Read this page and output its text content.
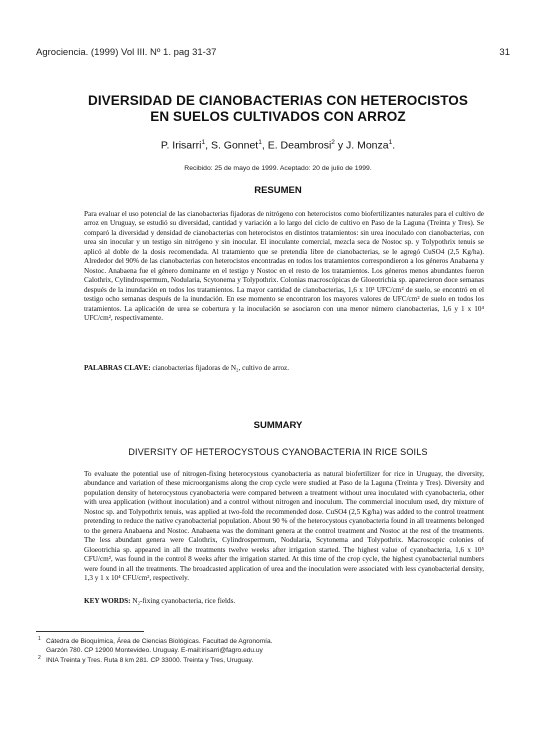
Agrociencia. (1999) Vol III. Nº 1. pag 31-37	31
DIVERSIDAD DE CIANOBACTERIAS CON HETEROCISTOS
EN SUELOS CULTIVADOS CON ARROZ
P. Irisarri$^1$, S. Gonnet$^1$, E. Deambrosi$^2$ y J. Monza$^1$.
Recibido: 25 de mayo de 1999. Aceptado: 20 de julio de 1999.
RESUMEN
Para evaluar el uso potencial de las cianobacterias fijadoras de nitrógeno con heterocistos como biofertilizantes naturales para el cultivo de arroz en Uruguay, se estudió su diversidad, cantidad y variación a lo largo del ciclo de cultivo en Paso de la Laguna (Treinta y Tres). Se comparó la diversidad y densidad de cianobacterias con heterocistos en distintos tratamientos: sin urea inoculado con cianobacterias, con urea sin inocular y un testigo sin nitrógeno y sin inocular. El inoculante comercial, mezcla seca de Nostoc sp. y Tolypothrix tenuis se aplicó al doble de la dosis recomendada. Al tratamiento que se pretendía libre de cianobacterias, se le agregó CuSO4 (2,5 Kg/ha). Alrededor del 90% de las cianobacterias con heterocistos encontradas en todos los tratamientos correspondieron a los géneros Anabaena y Nostoc. Anabaena fue el género dominante en el testigo y Nostoc en el resto de los tratamientos. Los géneros menos abundantes fueron Calothrix, Cylindrospermum, Nodularia, Scytonema y Tolypothrix. Colonias macroscópicas de Gloeotrichia sp. aparecieron doce semanas después de la inundación en todos los tratamientos. La mayor cantidad de cianobacterias, 1,6 x 10³ UFC/cm² de suelo, se encontró en el testigo ocho semanas después de la inundación. En ese momento se encontraron los mayores valores de UFC/cm² de suelo en todos los tratamientos. La aplicación de urea se cobertura y la inoculación se asociaron con una menor número cianobacterias, 1,6 y 1 x 10⁴ UFC/cm², respectivamente.
PALABRAS CLAVE: cianobacterias fijadoras de N₂, cultivo de arroz.
SUMMARY
DIVERSITY OF HETEROCYSTOUS CYANOBACTERIA IN RICE SOILS
To evaluate the potential use of nitrogen-fixing heterocystous cyanobacteria as natural biofertilizer for rice in Uruguay, the diversity, abundance and variation of these microorganisms along the crop cycle were studied at Paso de la Laguna (Treinta y Tres). Diversity and population density of heterocystous cyanobacteria were compared between a treatment without urea inoculated with cyanobacteria, other with urea application (without inoculation) and a control without nitrogen and inoculum. The commercial inoculum used, dry mixture of Nostoc sp. and Tolypothrix tenuis, was applied at two-fold the recommended dose. CuSO4 (2,5 Kg/ha) was added to the control treatment pretending to reduce the native cyanobacterial population. About 90 % of the heterocystous cyanobacteria found in all treatments belonged to the genera Anabaena and Nostoc. Anabaena was the dominant genera at the control treatment and Nostoc at the rest of the treatments. The less abundant genera were Calothrix, Cylindrospermum, Nodularia, Scytonema and Tolypothrix. Macroscopic colonies of Gloeotrichia sp. appeared in all the treatments twelve weeks after irrigation started. The highest value of cyanobacteria, 1,6 x 10⁵ CFU/cm², was found in the control 8 weeks after the irrigation started. At this time of the crop cycle, the highest cyanobacterial numbers were found in all the treatments. The broadcasted application of urea and the inoculation were associated with less cyanobacterial density, 1,3 y 1 x 10⁴ CFU/cm², respectively.
KEY WORDS: N₂-fixing cyanobacteria, rice fields.
1 Cátedra de Bioquímica, Área de Ciencias Biológicas. Facultad de Agronomía. Garzón 780. CP 12900 Montevideo. Uruguay. E-mail:irisarri@fagro.edu.uy
2 INIA Treinta y Tres. Ruta 8 km 281. CP 33000. Treinta y Tres, Uruguay.
